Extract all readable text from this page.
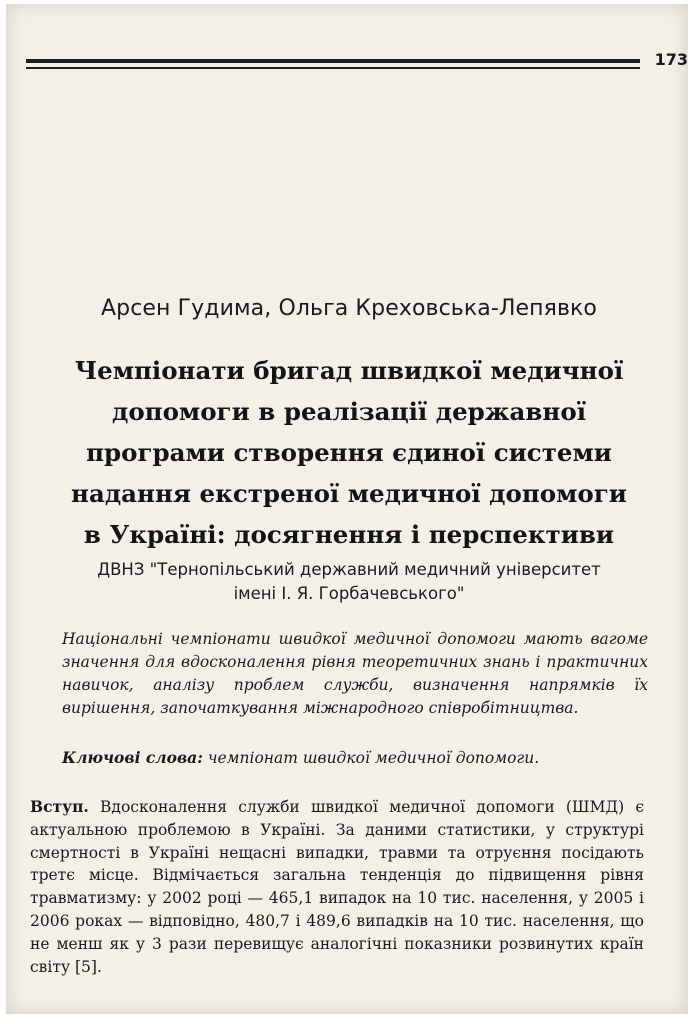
173
Арсен Гудима, Ольга Креховська-Лепявко
Чемпіонати бригад швидкої медичної
допомоги в реалізації державної
програми створення єдиної системи
надання екстреної медичної допомоги
в Україні: досягнення і перспективи
ДВНЗ "Тернопільський державний медичний університет
імені І. Я. Горбачевського"

Національні чемпіонати швидкої медичної допомоги мають вагоме значення для вдосконалення рівня теоретичних знань і практичних навичок, аналізу проблем служби, визначення напрямків їх вирішення, започаткування міжнародного співробітництва.

Ключові слова: чемпіонат швидкої медичної допомоги.

Вступ. Вдосконалення служби швидкої медичної допомоги (ШМД) є актуальною проблемою в Україні. За даними статистики, у структурі смертності в Україні нещасні випадки, травми та отруєння посідають третє місце. Відмічається загальна тенденція до підвищення рівня травматизму: у 2002 році — 465,1 випадок на 10 тис. населення, у 2005 і 2006 роках — відповідно, 480,7 і 489,6 випадків на 10 тис. населення, що не менш як у 3 рази перевищує аналогічні показники розвинутих країн світу [5].
